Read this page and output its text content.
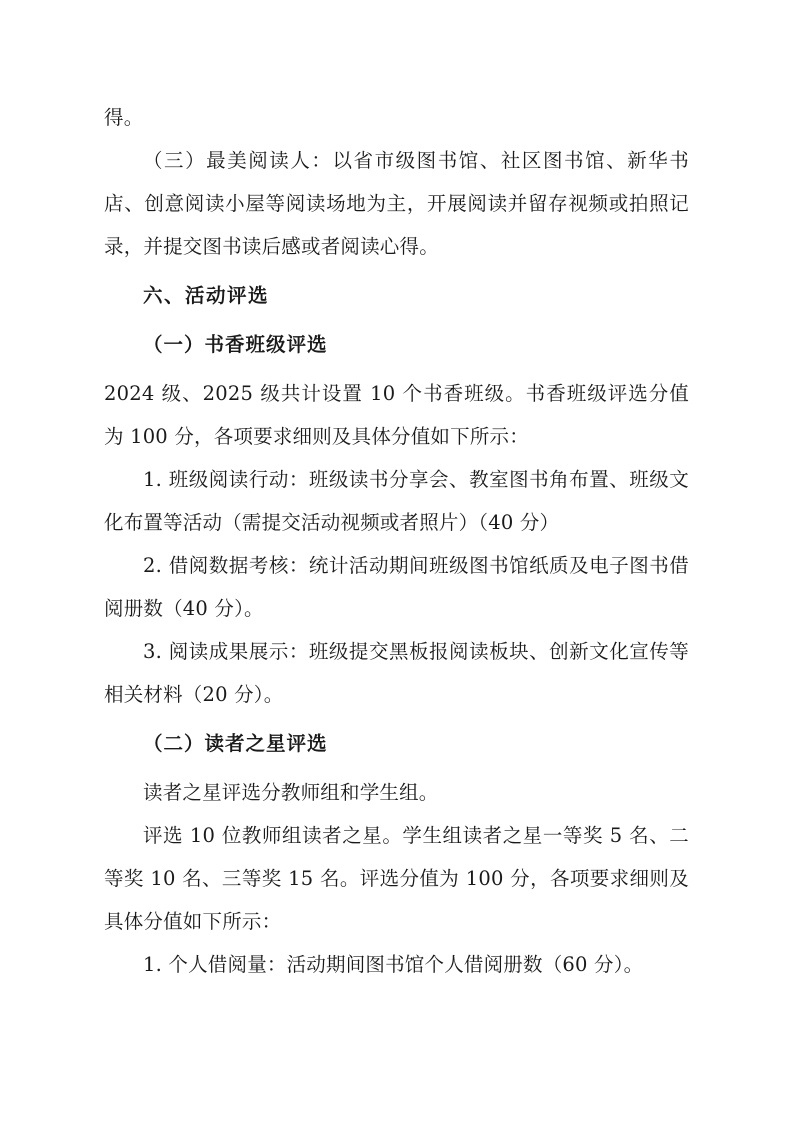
得。

（三）最美阅读人：以省市级图书馆、社区图书馆、新华书店、创意阅读小屋等阅读场地为主，开展阅读并留存视频或拍照记录，并提交图书读后感或者阅读心得。

六、活动评选

（一）书香班级评选

2024 级、2025 级共计设置 10 个书香班级。书香班级评选分值为 100 分，各项要求细则及具体分值如下所示：

1. 班级阅读行动：班级读书分享会、教室图书角布置、班级文化布置等活动（需提交活动视频或者照片）（40 分）

2. 借阅数据考核：统计活动期间班级图书馆纸质及电子图书借阅册数（40 分）。

3. 阅读成果展示：班级提交黑板报阅读板块、创新文化宣传等相关材料（20 分）。

（二）读者之星评选

读者之星评选分教师组和学生组。

评选 10 位教师组读者之星。学生组读者之星一等奖 5 名、二等奖 10 名、三等奖 15 名。评选分值为 100 分，各项要求细则及具体分值如下所示：

1. 个人借阅量：活动期间图书馆个人借阅册数（60 分）。
